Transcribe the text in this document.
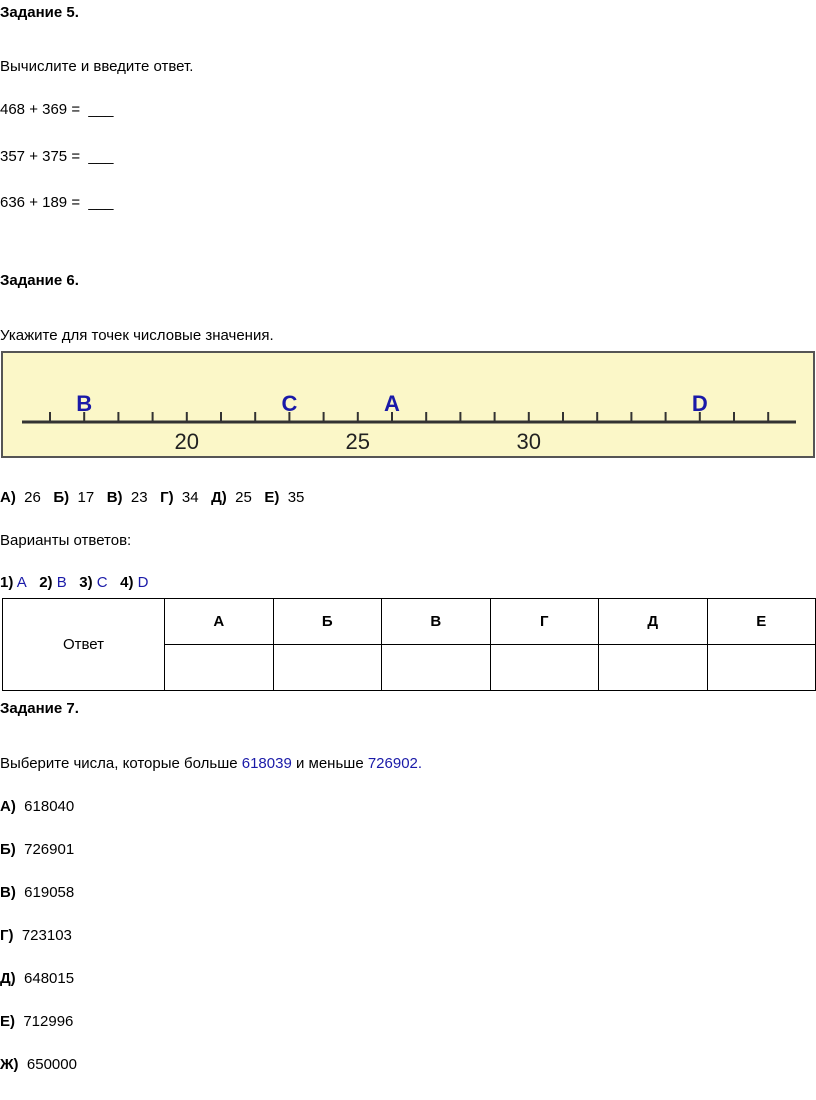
Задание 5.
Вычислите и введите ответ.
468 + 369 = ___
357 + 375 = ___
636 + 189 = ___
Задание 6.
Укажите для точек числовые значения.
20	25	30
B	C	A	D
А) 26 Б) 17 В) 23 Г) 34 Д) 25 Е) 35
Варианты ответов:
1) A 2) B 3) C 4) D
Ответ	А	Б	В	Г	Д	Е

Задание 7.
Выберите числа, которые больше 618039 и меньше 726902.
А) 618040
Б) 726901
В) 619058
Г) 723103
Д) 648015
Е) 712996
Ж) 650000
